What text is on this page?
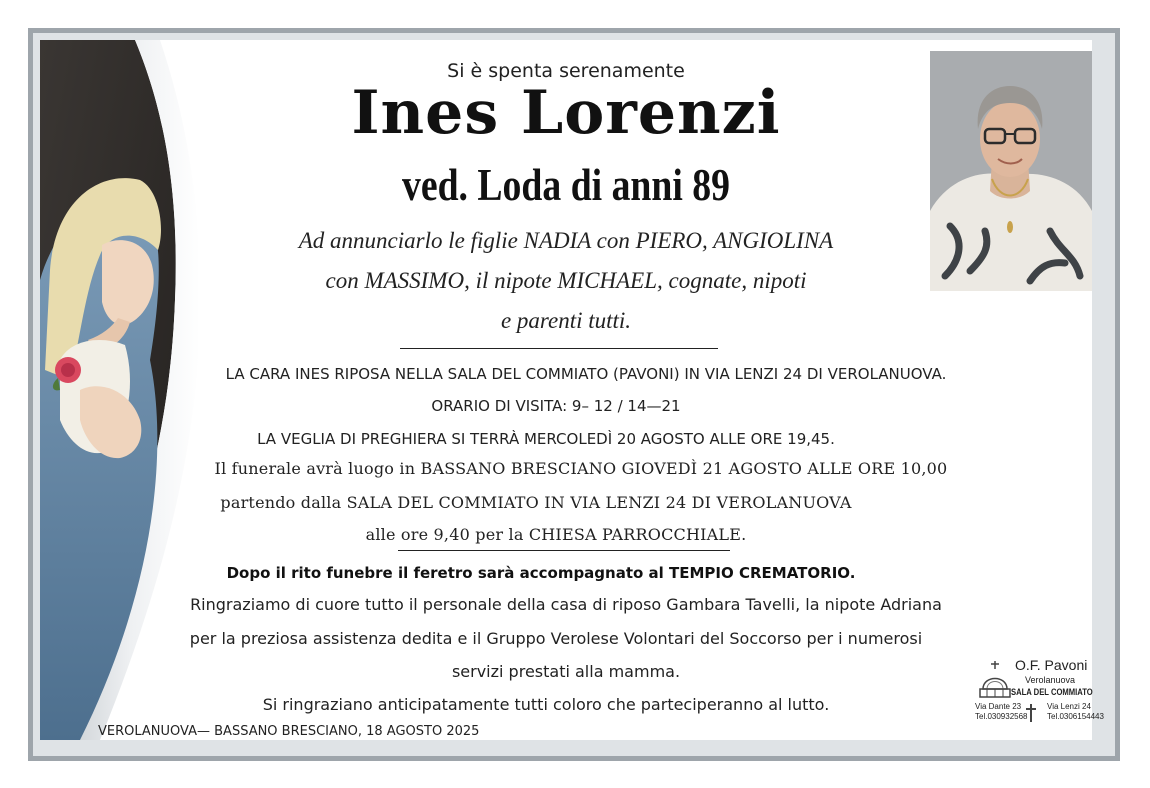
Si è spenta serenamente
Ines Lorenzi
ved. Loda di anni 89
Ad annunciarlo le figlie NADIA con PIERO, ANGIOLINA
con MASSIMO, il nipote MICHAEL, cognate, nipoti
e parenti tutti.
LA CARA INES RIPOSA NELLA SALA DEL COMMIATO (PAVONI) IN VIA LENZI 24 DI VEROLANUOVA.
ORARIO DI VISITA: 9– 12 / 14—21
LA VEGLIA DI PREGHIERA SI TERRÀ MERCOLEDÌ 20 AGOSTO ALLE ORE 19,45.
Il funerale avrà luogo in BASSANO BRESCIANO GIOVEDÌ 21 AGOSTO ALLE ORE 10,00
partendo dalla SALA DEL COMMIATO IN VIA LENZI 24 DI VEROLANUOVA
alle ore 9,40 per la CHIESA PARROCCHIALE.
Dopo il rito funebre il feretro sarà accompagnato al TEMPIO CREMATORIO.
Ringraziamo di cuore tutto il personale della casa di riposo Gambara Tavelli, la nipote Adriana
per la preziosa assistenza dedita e il Gruppo Verolese Volontari del Soccorso per i numerosi
servizi prestati alla mamma.
Si ringraziano anticipatamente tutti coloro che parteciperanno al lutto.
O.F. Pavoni
Verolanuova
SALA DEL COMMIATO
Via Dante 23
Tel.030932568
Via Lenzi 24
Tel.0306154443
VEROLANUOVA— BASSANO BRESCIANO, 18 AGOSTO 2025
